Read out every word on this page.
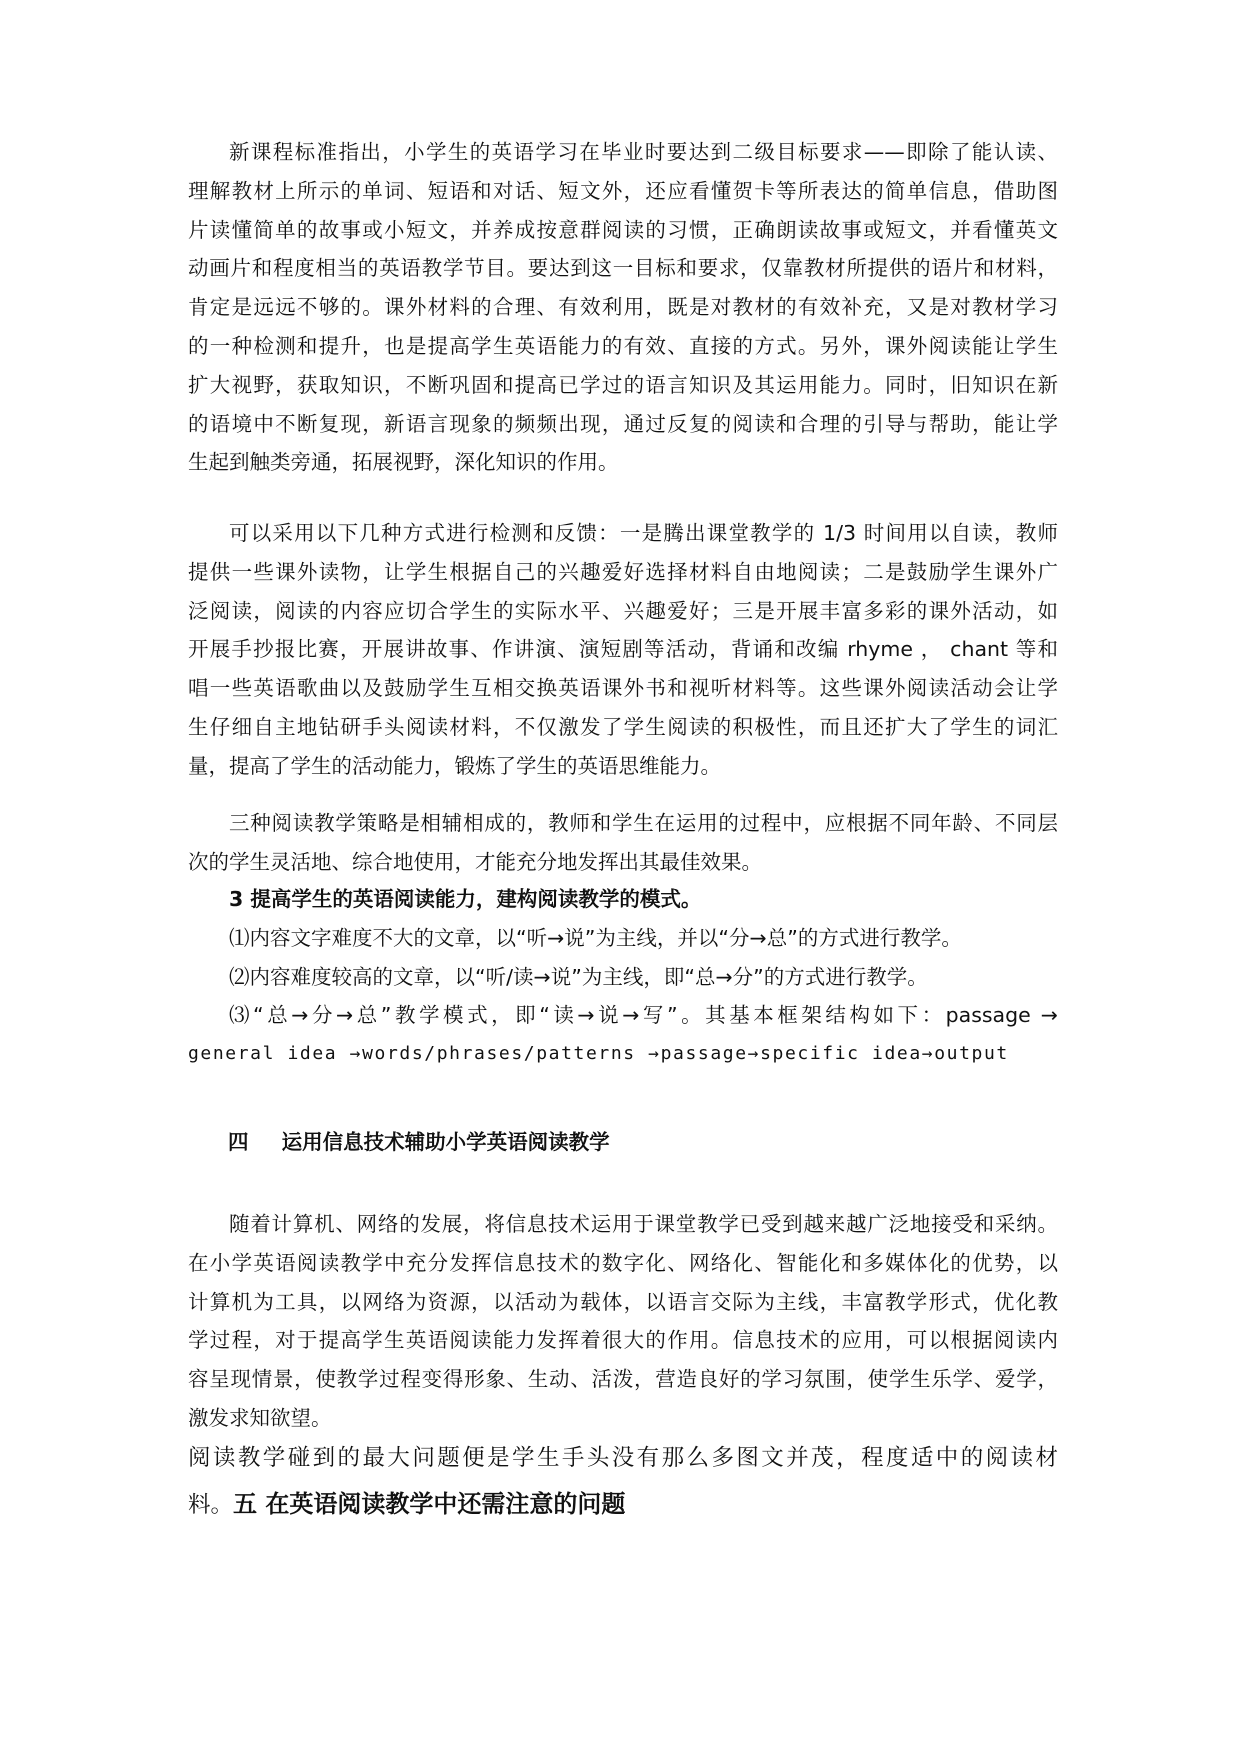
新课程标准指出，小学生的英语学习在毕业时要达到二级目标要求——即除了能认读、
理解教材上所示的单词、短语和对话、短文外，还应看懂贺卡等所表达的简单信息，借助图
片读懂简单的故事或小短文，并养成按意群阅读的习惯，正确朗读故事或短文，并看懂英文
动画片和程度相当的英语教学节目。要达到这一目标和要求，仅靠教材所提供的语片和材料，
肯定是远远不够的。课外材料的合理、有效利用，既是对教材的有效补充，又是对教材学习
的一种检测和提升，也是提高学生英语能力的有效、直接的方式。另外，课外阅读能让学生
扩大视野，获取知识，不断巩固和提高已学过的语言知识及其运用能力。同时，旧知识在新
的语境中不断复现，新语言现象的频频出现，通过反复的阅读和合理的引导与帮助，能让学
生起到触类旁通，拓展视野，深化知识的作用。
可以采用以下几种方式进行检测和反馈：一是腾出课堂教学的 1/3 时间用以自读，教师
提供一些课外读物，让学生根据自己的兴趣爱好选择材料自由地阅读；二是鼓励学生课外广
泛阅读，阅读的内容应切合学生的实际水平、兴趣爱好；三是开展丰富多彩的课外活动，如
开展手抄报比赛，开展讲故事、作讲演、演短剧等活动，背诵和改编 rhyme ， chant 等和
唱一些英语歌曲以及鼓励学生互相交换英语课外书和视听材料等。这些课外阅读活动会让学
生仔细自主地钻研手头阅读材料，不仅激发了学生阅读的积极性，而且还扩大了学生的词汇
量，提高了学生的活动能力，锻炼了学生的英语思维能力。
三种阅读教学策略是相辅相成的，教师和学生在运用的过程中，应根据不同年龄、不同层
次的学生灵活地、综合地使用，才能充分地发挥出其最佳效果。
3 提高学生的英语阅读能力，建构阅读教学的模式。
⑴内容文字难度不大的文章，以“听→说”为主线，并以“分→总”的方式进行教学。
⑵内容难度较高的文章，以“听/读→说”为主线，即“总→分”的方式进行教学。
⑶“总→分→总”教学模式，即“读→说→写”。其基本框架结构如下：passage →
general idea →words/phrases/patterns →passage→specific idea→output
四 运用信息技术辅助小学英语阅读教学
随着计算机、网络的发展，将信息技术运用于课堂教学已受到越来越广泛地接受和采纳。
在小学英语阅读教学中充分发挥信息技术的数字化、网络化、智能化和多媒体化的优势，以
计算机为工具，以网络为资源，以活动为载体，以语言交际为主线，丰富教学形式，优化教
学过程，对于提高学生英语阅读能力发挥着很大的作用。信息技术的应用，可以根据阅读内
容呈现情景，使教学过程变得形象、生动、活泼，营造良好的学习氛围，使学生乐学、爱学，
激发求知欲望。
阅读教学碰到的最大问题便是学生手头没有那么多图文并茂，程度适中的阅读材
料。五 在英语阅读教学中还需注意的问题
